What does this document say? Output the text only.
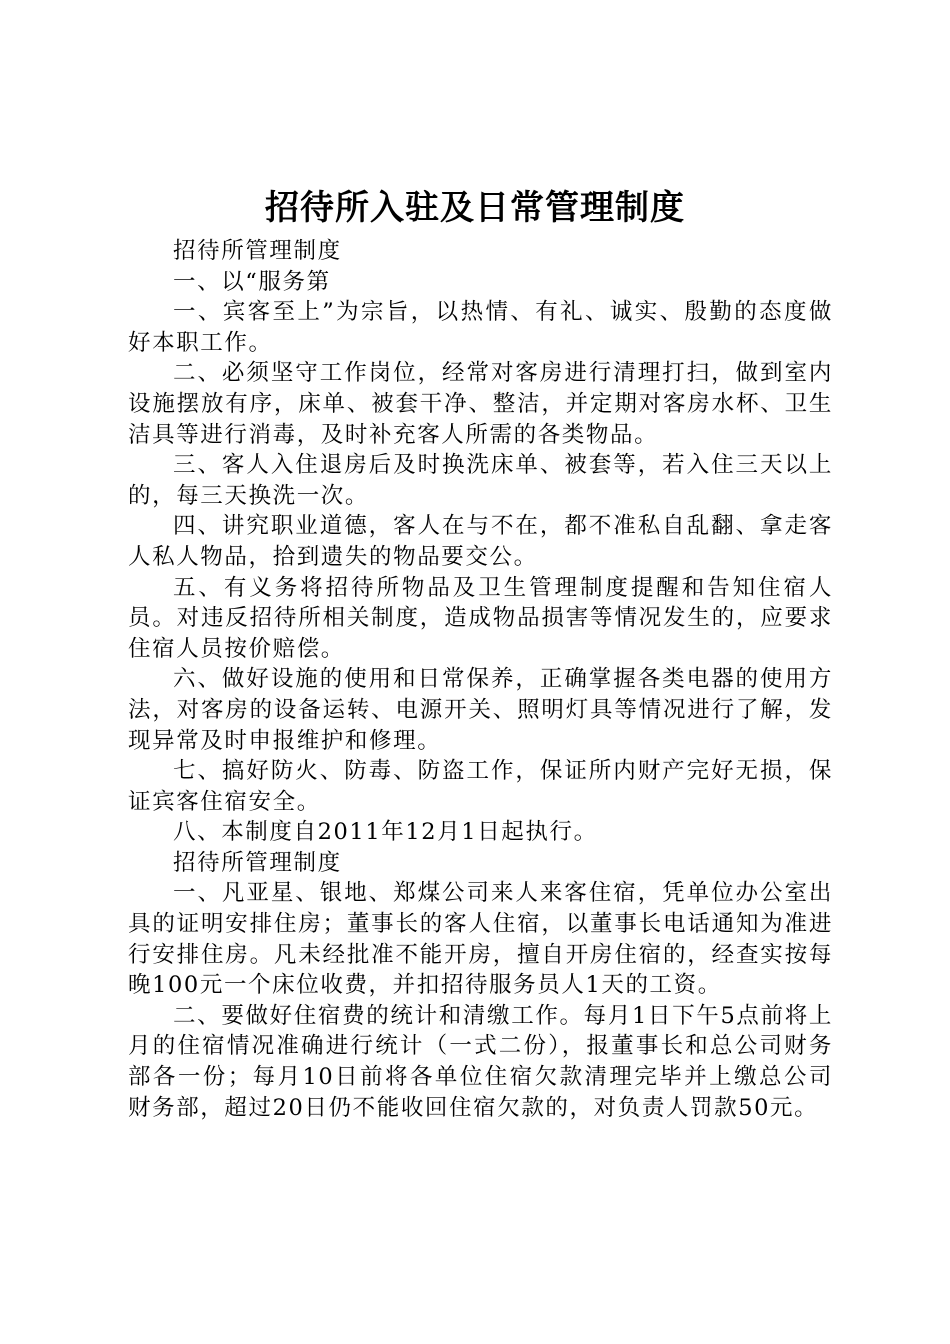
招待所入驻及日常管理制度

招待所管理制度

一、以“服务第

一、宾客至上”为宗旨，以热情、有礼、诚实、殷勤的态度做好本职工作。

二、必须坚守工作岗位，经常对客房进行清理打扫，做到室内设施摆放有序，床单、被套干净、整洁，并定期对客房水杯、卫生洁具等进行消毒，及时补充客人所需的各类物品。

三、客人入住退房后及时换洗床单、被套等，若入住三天以上的，每三天换洗一次。

四、讲究职业道德，客人在与不在，都不准私自乱翻、拿走客人私人物品，拾到遗失的物品要交公。

五、有义务将招待所物品及卫生管理制度提醒和告知住宿人员。对违反招待所相关制度，造成物品损害等情况发生的，应要求住宿人员按价赔偿。

六、做好设施的使用和日常保养，正确掌握各类电器的使用方法，对客房的设备运转、电源开关、照明灯具等情况进行了解，发现异常及时申报维护和修理。

七、搞好防火、防毒、防盗工作，保证所内财产完好无损，保证宾客住宿安全。

八、本制度自2011年12月1日起执行。

招待所管理制度

一、凡亚星、银地、郑煤公司来人来客住宿，凭单位办公室出具的证明安排住房；董事长的客人住宿，以董事长电话通知为准进行安排住房。凡未经批准不能开房，擅自开房住宿的，经查实按每晚100元一个床位收费，并扣招待服务员人1天的工资。

二、要做好住宿费的统计和清缴工作。每月1日下午5点前将上月的住宿情况准确进行统计（一式二份），报董事长和总公司财务部各一份；每月10日前将各单位住宿欠款清理完毕并上缴总公司财务部，超过20日仍不能收回住宿欠款的，对负责人罚款50元。
